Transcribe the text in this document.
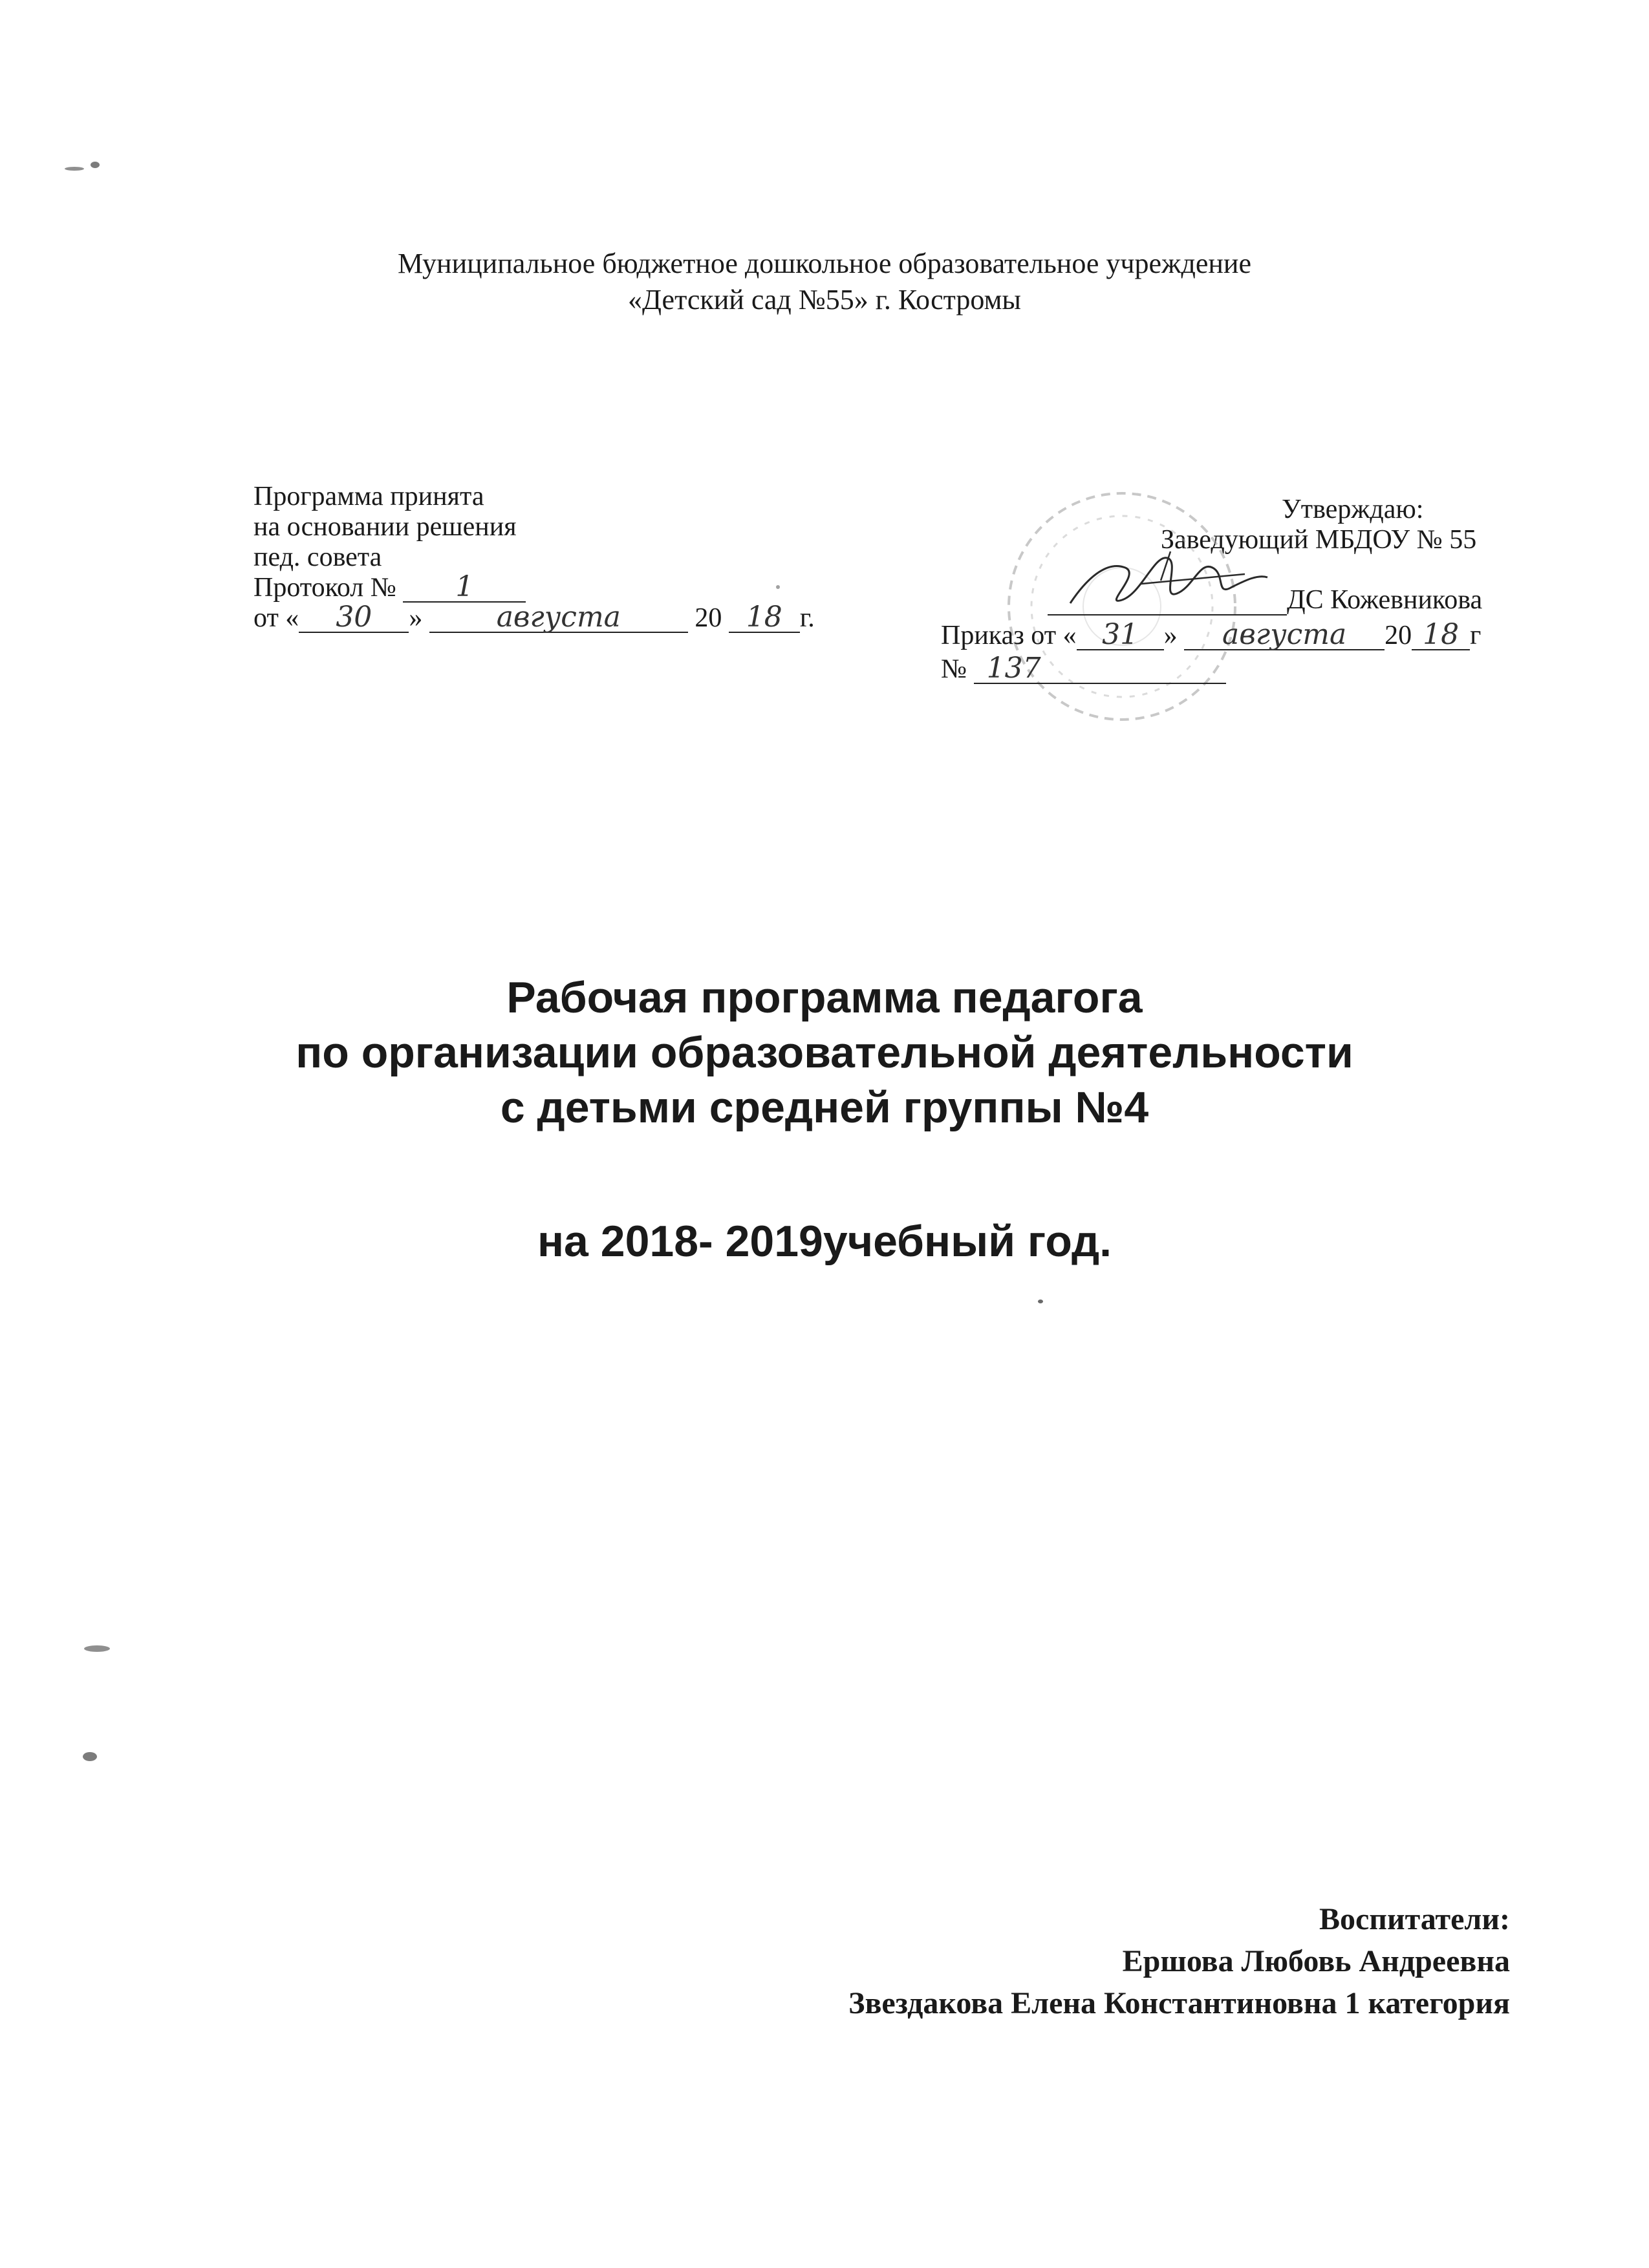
Муниципальное бюджетное дошкольное образовательное учреждение
«Детский сад №55» г. Костромы
Программа принята
на основании решения
пед. совета
Протокол № 1
от « 30 »	августа	20 18 г.
Утверждаю:
Заведующий МБДОУ № 55

ДС Кожевникова
Приказ от « 31 » августа 20 18 г
№ 137
Рабочая программа педагога
по организации образовательной деятельности
с детьми средней группы №4
на 2018- 2019учебный год.
Воспитатели:
Ершова Любовь Андреевна
Звездакова Елена Константиновна 1 категория
